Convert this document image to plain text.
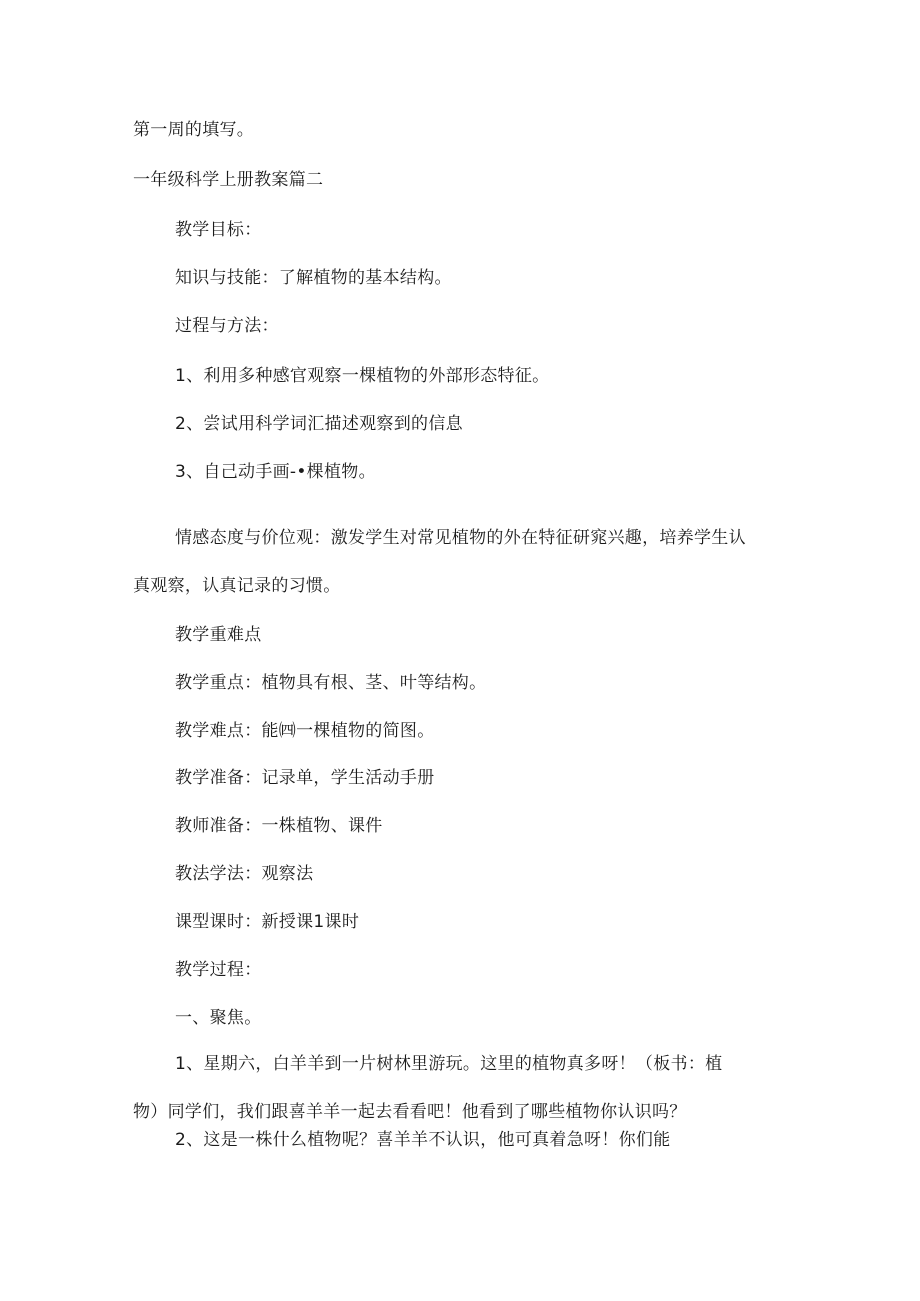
第一周的填写。
一年级科学上册教案篇二
教学目标：
知识与技能：了解植物的基本结构。
过程与方法：
1、利用多种感官观察一棵植物的外部形态特征。
2、尝试用科学词汇描述观察到的信息
3、自己动手画-•棵植物。
情感态度与价位观：激发学生对常见植物的外在特征研窕兴趣，培养学生认
真观察，认真记录的习惯。
教学重难点
教学重点：植物具有根、茎、叶等结构。
教学难点：能㈣一棵植物的简图。
教学准备：记录单，学生活动手册
教师准备：一株植物、课件
教法学法：观察法
课型课时：新授课1课时
教学过程：
一、聚焦。
1、星期六，白羊羊到一片树林里游玩。这里的植物真多呀！（板书：植
物）同学们，我们跟喜羊羊一起去看看吧！他看到了哪些植物你认识吗？
2、这是一株什么植物呢？喜羊羊不认识，他可真着急呀！你们能
